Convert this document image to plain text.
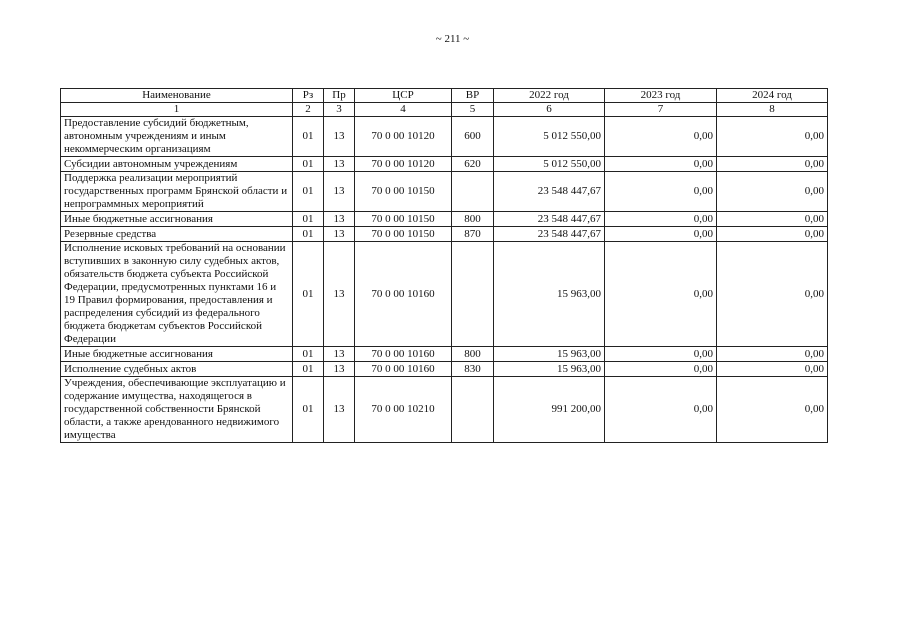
~ 211 ~
Наименование	Рз	Пр	ЦСР	ВР	2022 год	2023 год	2024 год
1	2	3	4	5	6	7	8
Предоставление субсидий бюджетным, автономным учреждениям и иным некоммерческим организациям	01	13	70 0 00 10120	600	5 012 550,00	0,00	0,00
Субсидии автономным учреждениям	01	13	70 0 00 10120	620	5 012 550,00	0,00	0,00
Поддержка реализации мероприятий государственных программ Брянской области и непрограммных мероприятий	01	13	70 0 00 10150		23 548 447,67	0,00	0,00
Иные бюджетные ассигнования	01	13	70 0 00 10150	800	23 548 447,67	0,00	0,00
Резервные средства	01	13	70 0 00 10150	870	23 548 447,67	0,00	0,00
Исполнение исковых требований на основании вступивших в законную силу судебных актов, обязательств бюджета субъекта Российской Федерации, предусмотренных пунктами 16 и 19 Правил формирования, предоставления и распределения субсидий из федерального бюджета бюджетам субъектов Российской Федерации	01	13	70 0 00 10160		15 963,00	0,00	0,00
Иные бюджетные ассигнования	01	13	70 0 00 10160	800	15 963,00	0,00	0,00
Исполнение судебных актов	01	13	70 0 00 10160	830	15 963,00	0,00	0,00
Учреждения, обеспечивающие эксплуатацию и содержание имущества, находящегося в государственной собственности Брянской области, а также арендованного недвижимого имущества	01	13	70 0 00 10210		991 200,00	0,00	0,00
